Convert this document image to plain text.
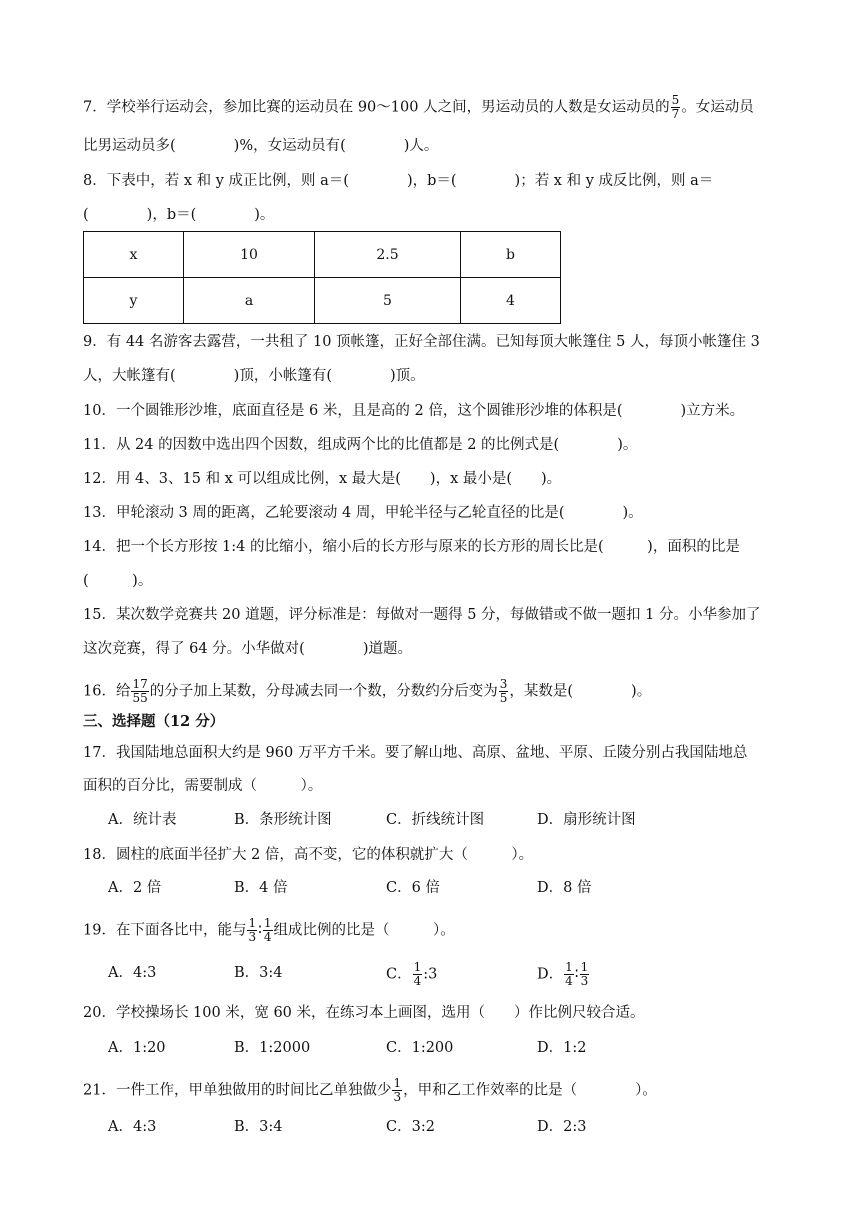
7．学校举行运动会，参加比赛的运动员在 90～100 人之间，男运动员的人数是女运动员的 $\frac{5}{7}$ 。女运动员
比男运动员多(　　　　)%，女运动员有(　　　　)人。
8．下表中，若 x 和 y 成正比例，则 a＝(　　　　)，b＝(　　　　)；若 x 和 y 成反比例，则 a＝
(　　　　)，b＝(　　　　)。
x	10	2.5	b
y	a	5	4
9．有 44 名游客去露营，一共租了 10 顶帐篷，正好全部住满。已知每顶大帐篷住 5 人，每顶小帐篷住 3
人，大帐篷有(　　　　)顶，小帐篷有(　　　　)顶。
10．一个圆锥形沙堆，底面直径是 6 米，且是高的 2 倍，这个圆锥形沙堆的体积是(　　　　)立方米。
11．从 24 的因数中选出四个因数，组成两个比的比值都是 2 的比例式是(　　　　)。
12．用 4、3、15 和 x 可以组成比例，x 最大是(　　)，x 最小是(　　)。
13．甲轮滚动 3 周的距离，乙轮要滚动 4 周，甲轮半径与乙轮直径的比是(　　　　)。
14．把一个长方形按 1:4 的比缩小，缩小后的长方形与原来的长方形的周长比是(　　　)，面积的比是
(　　　)。
15．某次数学竞赛共 20 道题，评分标准是：每做对一题得 5 分，每做错或不做一题扣 1 分。小华参加了
这次竞赛，得了 64 分。小华做对(　　　　)道题。
16．给 $\frac{17}{55}$ 的分子加上某数，分母减去同一个数，分数约分后变为 $\frac{3}{5}$ ，某数是(　　　　)。
三、选择题（12 分）
17．我国陆地总面积大约是 960 万平方千米。要了解山地、高原、盆地、平原、丘陵分别占我国陆地总
面积的百分比，需要制成（　　　）。
A．统计表	B．条形统计图	C．折线统计图	D．扇形统计图
18．圆柱的底面半径扩大 2 倍，高不变，它的体积就扩大（　　　）。
A．2 倍	B．4 倍	C．6 倍	D．8 倍
19．在下面各比中，能与 $\frac{1}{3}$ ∶ $\frac{1}{4}$ 组成比例的比是（　　　）。
A．4:3	B．3:4	C． $\frac{1}{4}$ :3	D． $\frac{1}{4}$ ∶ $\frac{1}{3}$
20．学校操场长 100 米，宽 60 米，在练习本上画图，选用（　　）作比例尺较合适。
A．1:20	B．1:2000	C．1:200	D．1:2
21．一件工作，甲单独做用的时间比乙单独做少 $\frac{1}{3}$ ，甲和乙工作效率的比是（　　　　）。
A．4:3	B．3:4	C．3:2	D．2:3
